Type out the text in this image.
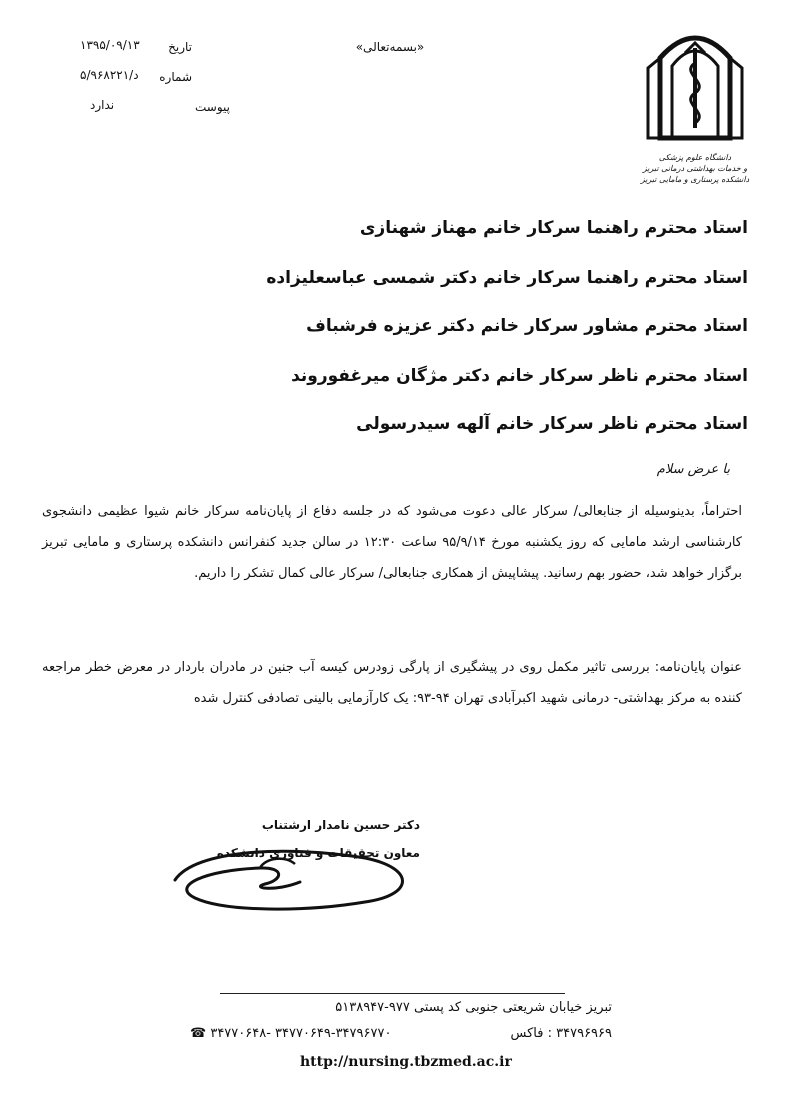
تاریخ
۱۳۹۵/۰۹/۱۳
شماره
۵/د/۹۶۸۲۲۱
پیوست
ندارد
«بسمه‌تعالی»
دانشگاه علوم پزشکی
و خدمات بهداشتی درمانی تبریز
دانشکده پرستاری و مامایی تبریز
استاد محترم راهنما سرکار خانم مهناز شهنازی
استاد محترم راهنما سرکار خانم دکتر شمسی عباسعلیزاده
استاد محترم مشاور سرکار خانم دکتر عزیزه فرشباف
استاد محترم ناظر سرکار خانم دکتر مژگان میرغفوروند
استاد محترم ناظر سرکار خانم آلهه سیدرسولی
با عرض سلام
احتراماً، بدینوسیله از جنابعالی/ سرکار عالی دعوت می‌شود که در جلسه دفاع از پایان‌نامه سرکار خانم شیوا عظیمی دانشجوی کارشناسی ارشد مامایی که روز یکشنبه مورخ ۹۵/۹/۱۴ ساعت ۱۲:۳۰ در سالن جدید کنفرانس دانشکده پرستاری و مامایی تبریز برگزار خواهد شد، حضور بهم رسانید. پیشاپیش از همکاری جنابعالی/ سرکار عالی کمال تشکر را داریم.
عنوان پایان‌نامه: بررسی تاثیر مکمل روی در پیشگیری از پارگی زودرس کیسه آب جنین در مادران باردار در معرض خطر مراجعه کننده به مرکز بهداشتی- درمانی شهید اکبرآبادی تهران ۹۴-۹۳: یک کارآزمایی بالینی تصادفی کنترل شده
دکتر حسین نامدار ارشتناب
معاون تحقیقات و فناوری دانشکده
تبریز خیابان شریعتی جنوبی کد پستی ۹۷۷-۵۱۳۸۹۴۷
☎ ۳۴۷۷۰۶۴۸- ۳۴۷۷۰۶۴۹-۳۴۷۹۶۷۷۰	۳۴۷۹۶۹۶۹ : فاکس
http://nursing.tbzmed.ac.ir
